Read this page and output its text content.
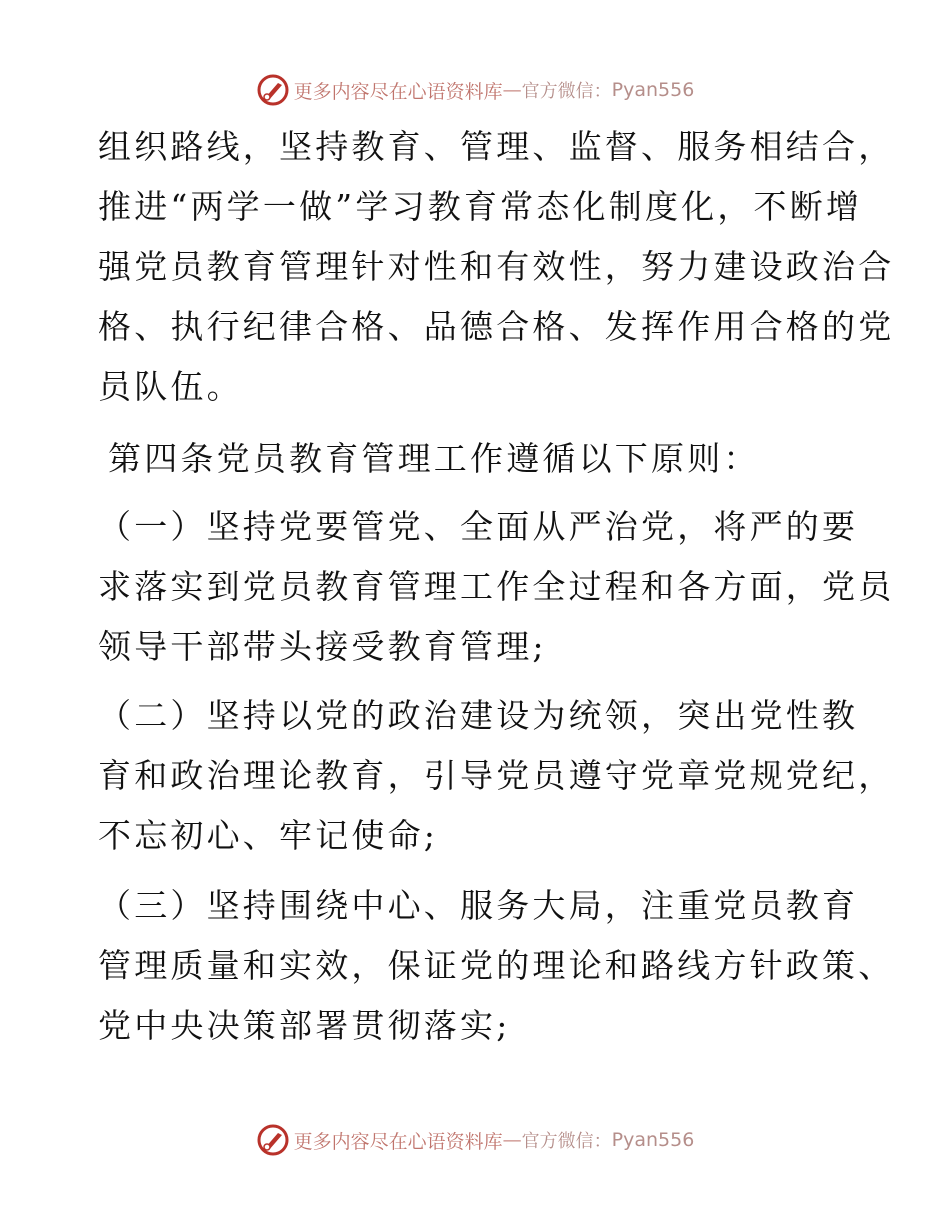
更多内容尽在心语资料库 — 官方微信： Pyan556

组织路线，坚持教育、管理、监督、服务相结合，
推进“两学一做”学习教育常态化制度化，不断增
强党员教育管理针对性和有效性，努力建设政治合
格、执行纪律合格、品德合格、发挥作用合格的党
员队伍。

第四条党员教育管理工作遵循以下原则：

（一）坚持党要管党、全面从严治党，将严的要
求落实到党员教育管理工作全过程和各方面，党员
领导干部带头接受教育管理;

（二）坚持以党的政治建设为统领，突出党性教
育和政治理论教育，引导党员遵守党章党规党纪，
不忘初心、牢记使命;

（三）坚持围绕中心、服务大局，注重党员教育
管理质量和实效，保证党的理论和路线方针政策、
党中央决策部署贯彻落实;

更多内容尽在心语资料库 — 官方微信： Pyan556
